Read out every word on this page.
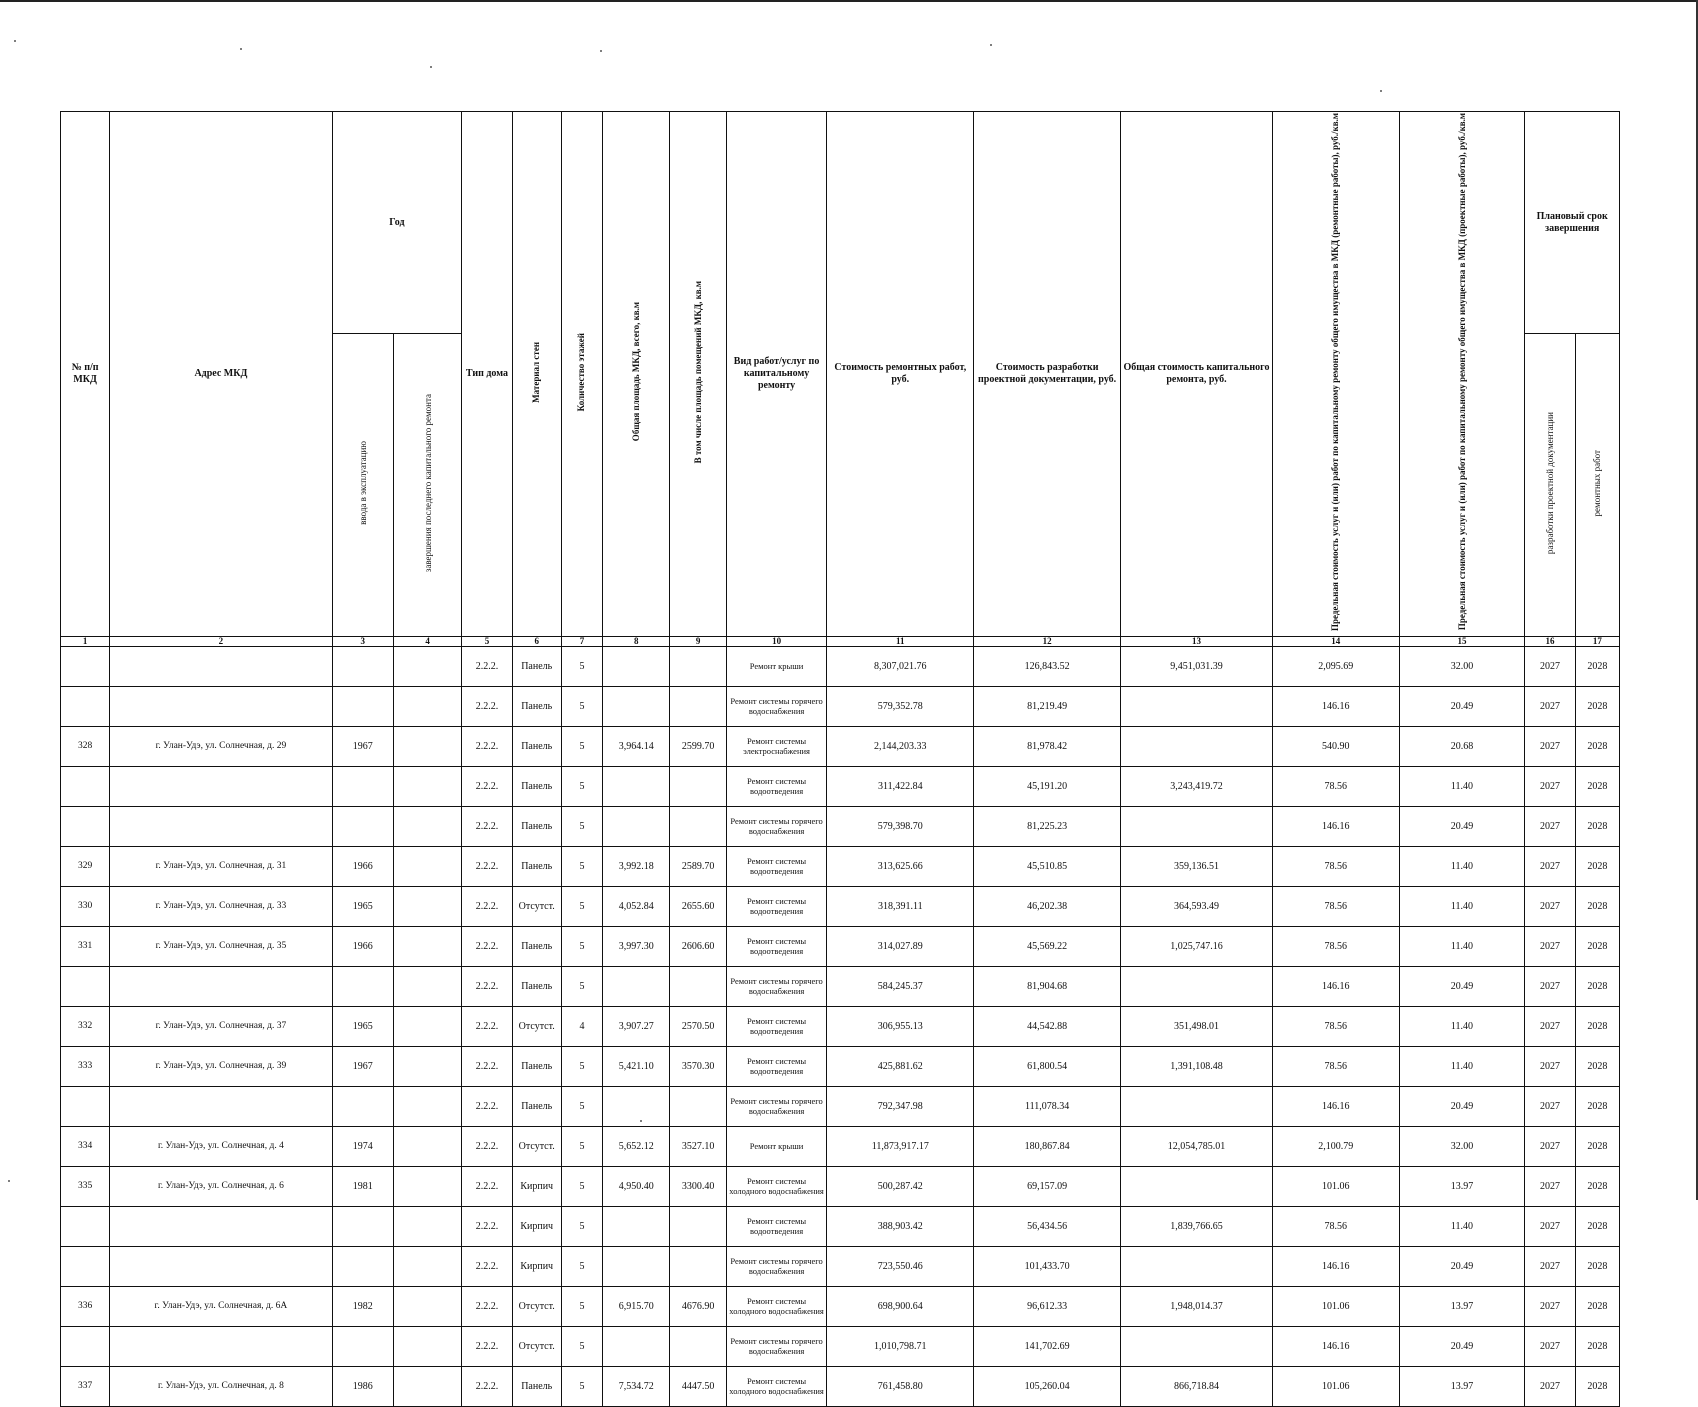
№ п/п МКД	Адрес МКД	Год		Тип дома	Материал стен	Количество этажей	Общая площадь МКД, всего, кв.м	В том числе площадь помещений МКД, кв.м	Вид работ/услуг по капитальному ремонту	Стоимость ремонтных работ, руб.	Стоимость разработки проектной документации, руб.	Общая стоимость капитального ремонта, руб.	Предельная стоимость услуг и (или) работ по капитальному ремонту общего имущества в МКД (ремонтные работы), руб./кв.м	Предельная стоимость услуг и (или) работ по капитальному ремонту общего имущества в МКД (проектные работы), руб./кв.м	Плановый срок завершения	
		ввода в эксплуатацию	завершения последнего капитального ремонта												разработки проектной документации	ремонтных работ
1	2	3	4	5	6	7	8	9	10	11	12	13	14	15	16	17
				2.2.2.	Панель	5			Ремонт крыши	8,307,021.76	126,843.52	9,451,031.39	2,095.69	32.00	2027	2028
				2.2.2.	Панель	5			Ремонт системы горячего водоснабжения	579,352.78	81,219.49		146.16	20.49	2027	2028
328	г. Улан-Удэ, ул. Солнечная, д. 29	1967		2.2.2.	Панель	5	3,964.14	2599.70	Ремонт системы электроснабжения	2,144,203.33	81,978.42		540.90	20.68	2027	2028
				2.2.2.	Панель	5			Ремонт системы водоотведения	311,422.84	45,191.20	3,243,419.72	78.56	11.40	2027	2028
				2.2.2.	Панель	5			Ремонт системы горячего водоснабжения	579,398.70	81,225.23		146.16	20.49	2027	2028
329	г. Улан-Удэ, ул. Солнечная, д. 31	1966		2.2.2.	Панель	5	3,992.18	2589.70	Ремонт системы водоотведения	313,625.66	45,510.85	359,136.51	78.56	11.40	2027	2028
330	г. Улан-Удэ, ул. Солнечная, д. 33	1965		2.2.2.	Отсутст.	5	4,052.84	2655.60	Ремонт системы водоотведения	318,391.11	46,202.38	364,593.49	78.56	11.40	2027	2028
331	г. Улан-Удэ, ул. Солнечная, д. 35	1966		2.2.2.	Панель	5	3,997.30	2606.60	Ремонт системы водоотведения	314,027.89	45,569.22	1,025,747.16	78.56	11.40	2027	2028
				2.2.2.	Панель	5			Ремонт системы горячего водоснабжения	584,245.37	81,904.68		146.16	20.49	2027	2028
332	г. Улан-Удэ, ул. Солнечная, д. 37	1965		2.2.2.	Отсутст.	4	3,907.27	2570.50	Ремонт системы водоотведения	306,955.13	44,542.88	351,498.01	78.56	11.40	2027	2028
333	г. Улан-Удэ, ул. Солнечная, д. 39	1967		2.2.2.	Панель	5	5,421.10	3570.30	Ремонт системы водоотведения	425,881.62	61,800.54	1,391,108.48	78.56	11.40	2027	2028
				2.2.2.	Панель	5			Ремонт системы горячего водоснабжения	792,347.98	111,078.34		146.16	20.49	2027	2028
334	г. Улан-Удэ, ул. Солнечная, д. 4	1974		2.2.2.	Отсутст.	5	5,652.12	3527.10	Ремонт крыши	11,873,917.17	180,867.84	12,054,785.01	2,100.79	32.00	2027	2028
335	г. Улан-Удэ, ул. Солнечная, д. 6	1981		2.2.2.	Кирпич	5	4,950.40	3300.40	Ремонт системы холодного водоснабжения	500,287.42	69,157.09		101.06	13.97	2027	2028
				2.2.2.	Кирпич	5			Ремонт системы водоотведения	388,903.42	56,434.56	1,839,766.65	78.56	11.40	2027	2028
				2.2.2.	Кирпич	5			Ремонт системы горячего водоснабжения	723,550.46	101,433.70		146.16	20.49	2027	2028
336	г. Улан-Удэ, ул. Солнечная, д. 6А	1982		2.2.2.	Отсутст.	5	6,915.70	4676.90	Ремонт системы холодного водоснабжения	698,900.64	96,612.33	1,948,014.37	101.06	13.97	2027	2028
				2.2.2.	Отсутст.	5			Ремонт системы горячего водоснабжения	1,010,798.71	141,702.69		146.16	20.49	2027	2028
337	г. Улан-Удэ, ул. Солнечная, д. 8	1986		2.2.2.	Панель	5	7,534.72	4447.50	Ремонт системы холодного водоснабжения	761,458.80	105,260.04	866,718.84	101.06	13.97	2027	2028
